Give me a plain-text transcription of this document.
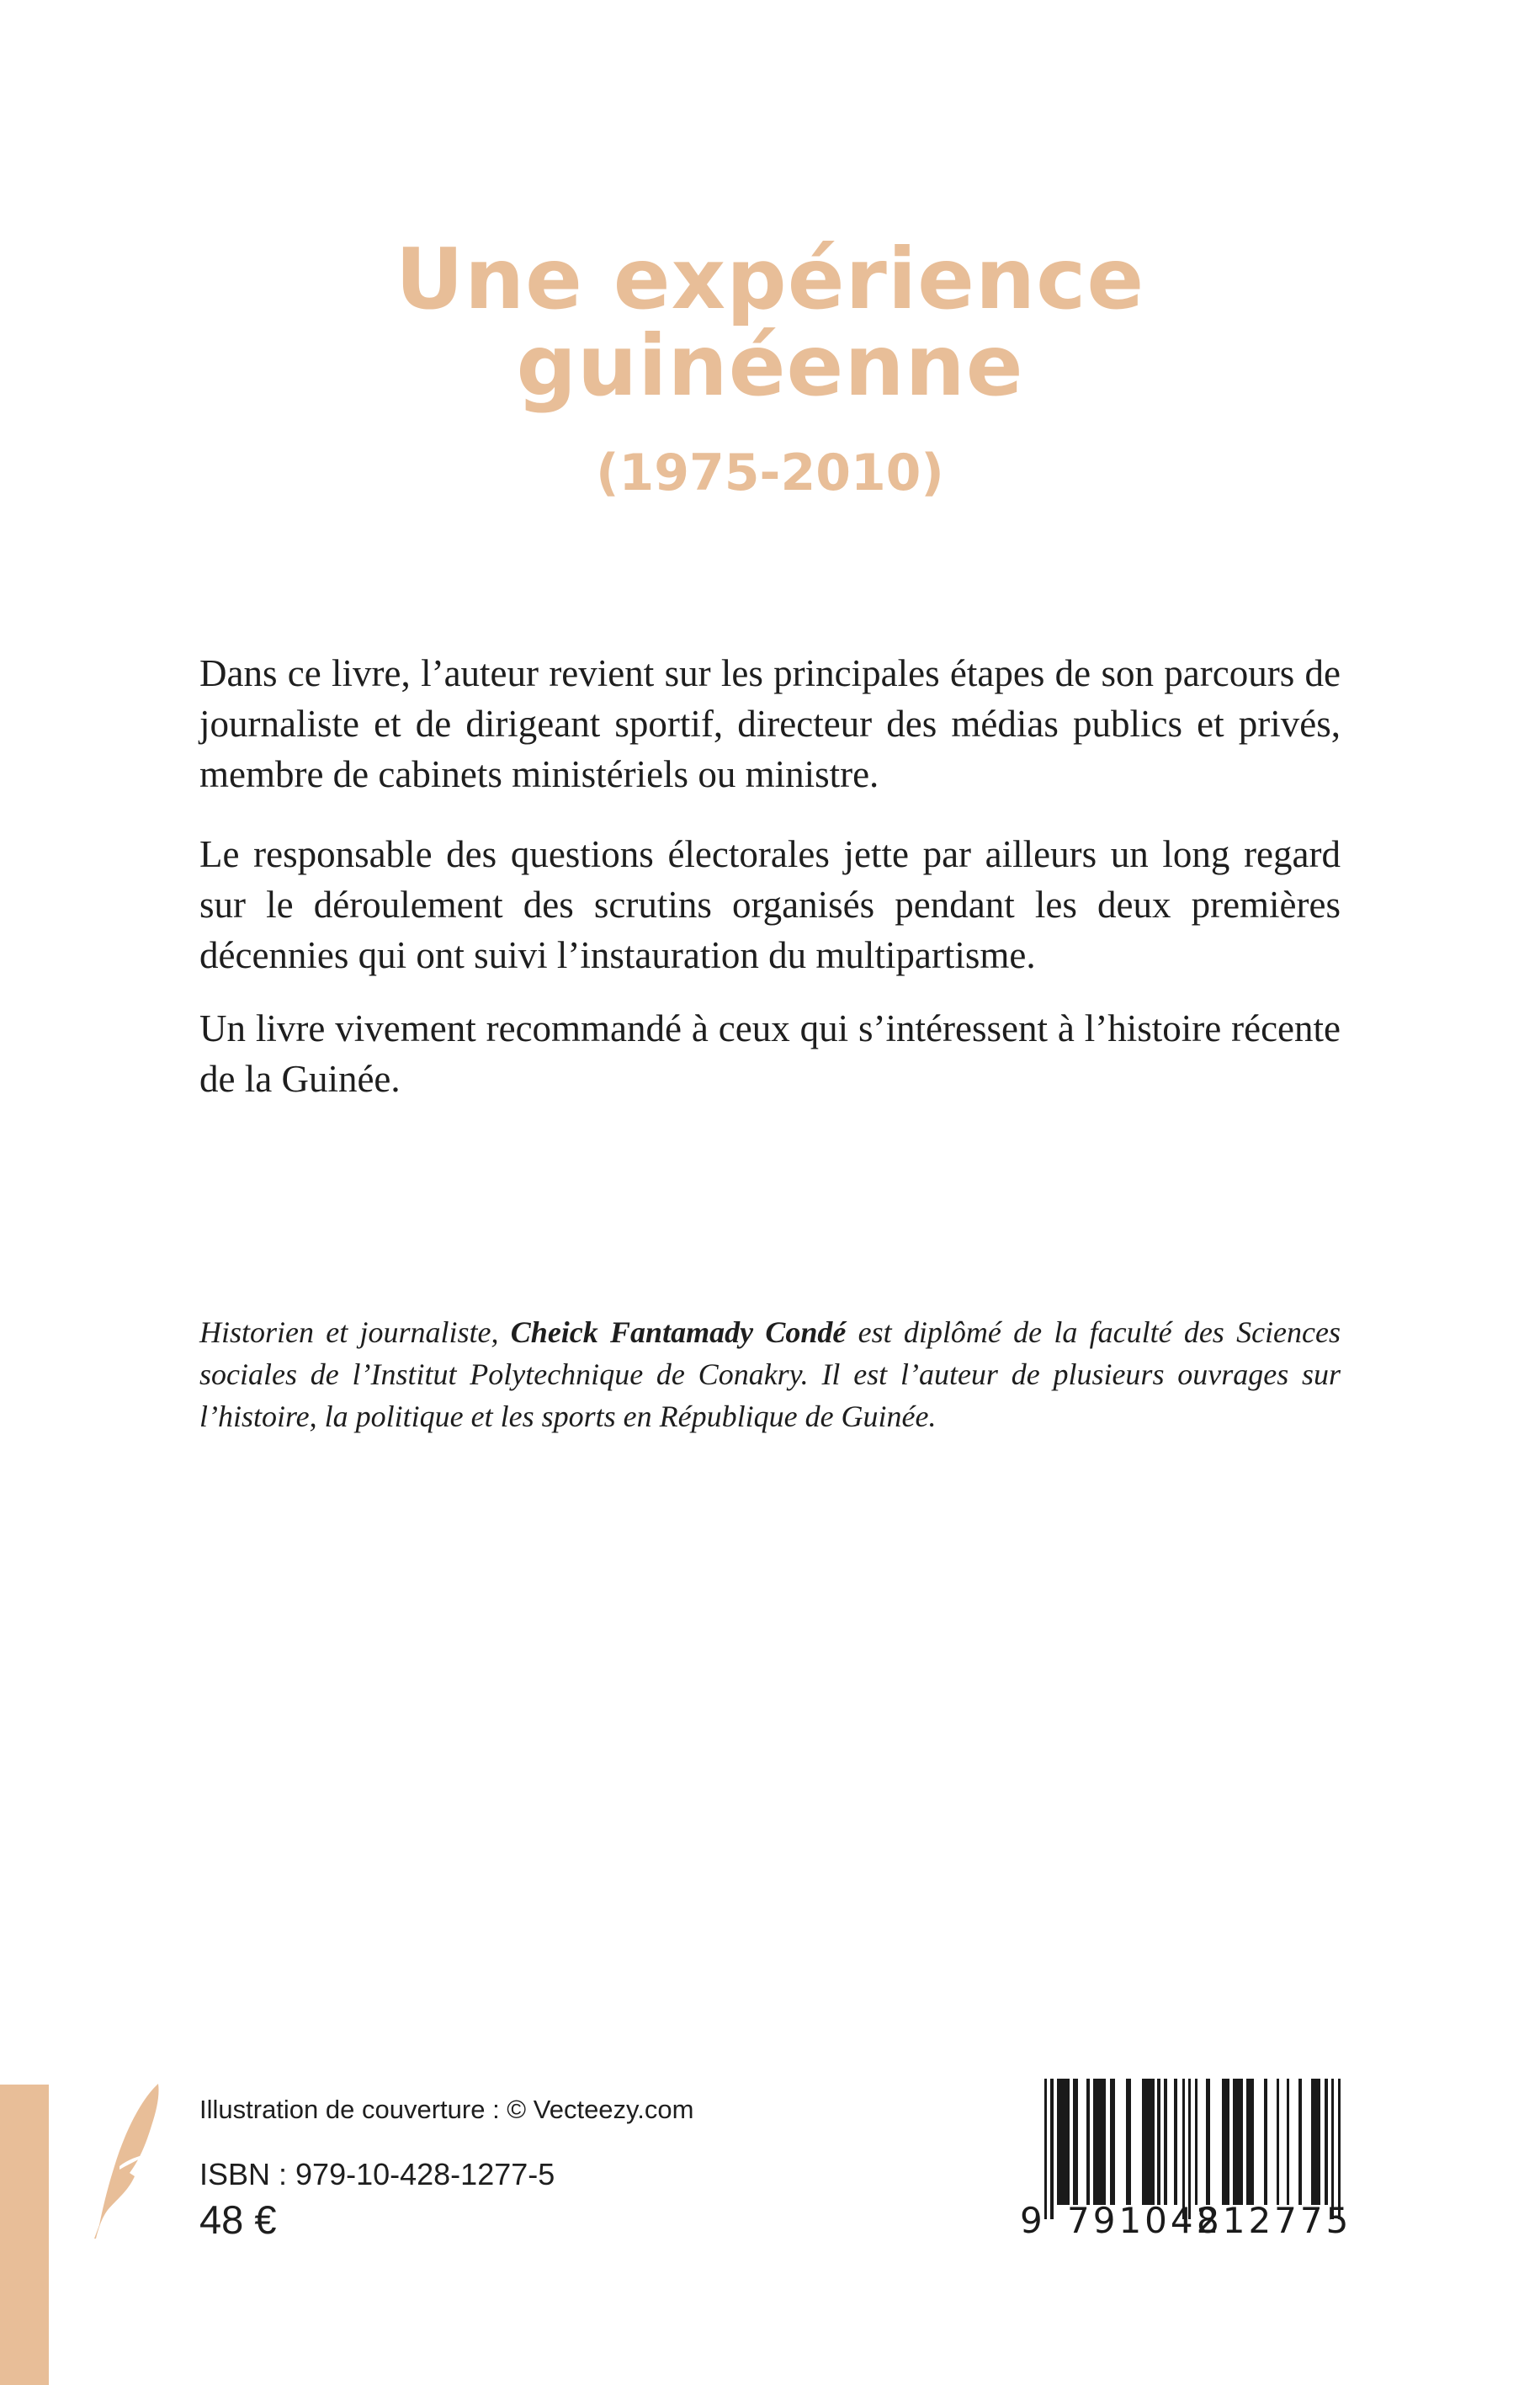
Une expérience
guinéenne
(1975-2010)

Dans ce livre, l’auteur revient sur les principales étapes de son parcours de journaliste et de dirigeant sportif, directeur des médias publics et privés, membre de cabinets ministériels ou ministre.

Le responsable des questions électorales jette par ailleurs un long regard sur le déroulement des scrutins organisés pendant les deux premières décennies qui ont suivi l’instauration du multipartisme.

Un livre vivement recommandé à ceux qui s’intéressent à l’histoire récente de la Guinée.

Historien et journaliste, Cheick Fantamady Condé est diplômé de la faculté des Sciences sociales de l’Institut Polytechnique de Conakry. Il est l’auteur de plusieurs ouvrages sur l’histoire, la politique et les sports en République de Guinée.

Illustration de couverture : © Vecteezy.com
ISBN : 979-10-428-1277-5
48 €	9 791042
812775
